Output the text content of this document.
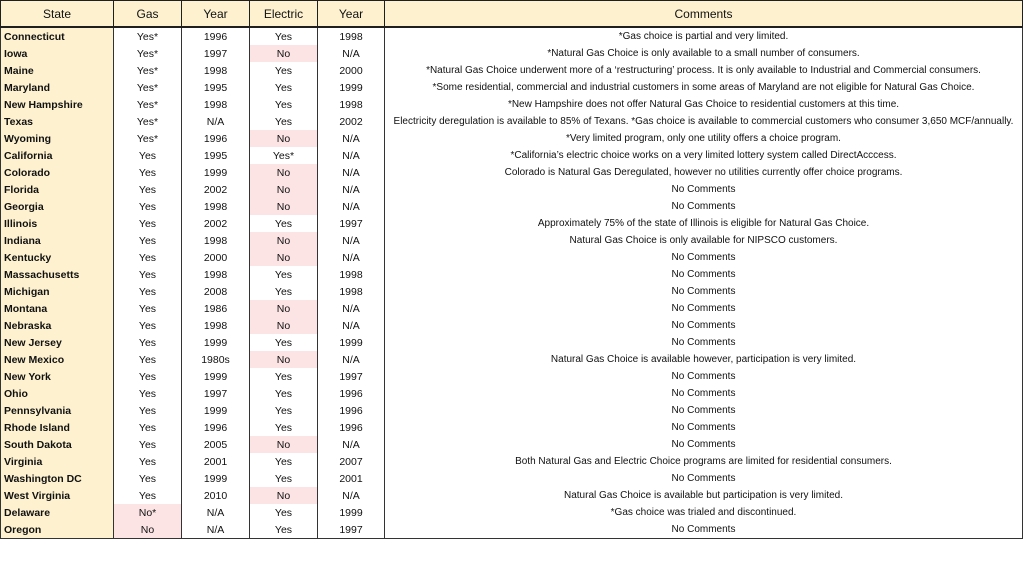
State	Gas	Year	Electric	Year	Comments
Connecticut	Yes*	1996	Yes	1998	*Gas choice is partial and very limited.
Iowa	Yes*	1997	No	N/A	*Natural Gas Choice is only available to a small number of consumers.
Maine	Yes*	1998	Yes	2000	*Natural Gas Choice underwent more of a ‘restructuring’ process. It is only available to Industrial and Commercial consumers.
Maryland	Yes*	1995	Yes	1999	*Some residential, commercial and industrial customers in some areas of Maryland are not eligible for Natural Gas Choice.
New Hampshire	Yes*	1998	Yes	1998	*New Hampshire does not offer Natural Gas Choice to residential customers at this time.
Texas	Yes*	N/A	Yes	2002	Electricity deregulation is available to 85% of Texans. *Gas choice is available to commercial customers who consumer 3,650 MCF/annually.
Wyoming	Yes*	1996	No	N/A	*Very limited program, only one utility offers a choice program.
California	Yes	1995	Yes*	N/A	*California’s electric choice works on a very limited lottery system called DirectAcccess.
Colorado	Yes	1999	No	N/A	Colorado is Natural Gas Deregulated, however no utilities currently offer choice programs.
Florida	Yes	2002	No	N/A	No Comments
Georgia	Yes	1998	No	N/A	No Comments
Illinois	Yes	2002	Yes	1997	Approximately 75% of the state of Illinois is eligible for Natural Gas Choice.
Indiana	Yes	1998	No	N/A	Natural Gas Choice is only available for NIPSCO customers.
Kentucky	Yes	2000	No	N/A	No Comments
Massachusetts	Yes	1998	Yes	1998	No Comments
Michigan	Yes	2008	Yes	1998	No Comments
Montana	Yes	1986	No	N/A	No Comments
Nebraska	Yes	1998	No	N/A	No Comments
New Jersey	Yes	1999	Yes	1999	No Comments
New Mexico	Yes	1980s	No	N/A	Natural Gas Choice is available however, participation is very limited.
New York	Yes	1999	Yes	1997	No Comments
Ohio	Yes	1997	Yes	1996	No Comments
Pennsylvania	Yes	1999	Yes	1996	No Comments
Rhode Island	Yes	1996	Yes	1996	No Comments
South Dakota	Yes	2005	No	N/A	No Comments
Virginia	Yes	2001	Yes	2007	Both Natural Gas and Electric Choice programs are limited for residential consumers.
Washington DC	Yes	1999	Yes	2001	No Comments
West Virginia	Yes	2010	No	N/A	Natural Gas Choice is available but participation is very limited.
Delaware	No*	N/A	Yes	1999	*Gas choice was trialed and discontinued.
Oregon	No	N/A	Yes	1997	No Comments
